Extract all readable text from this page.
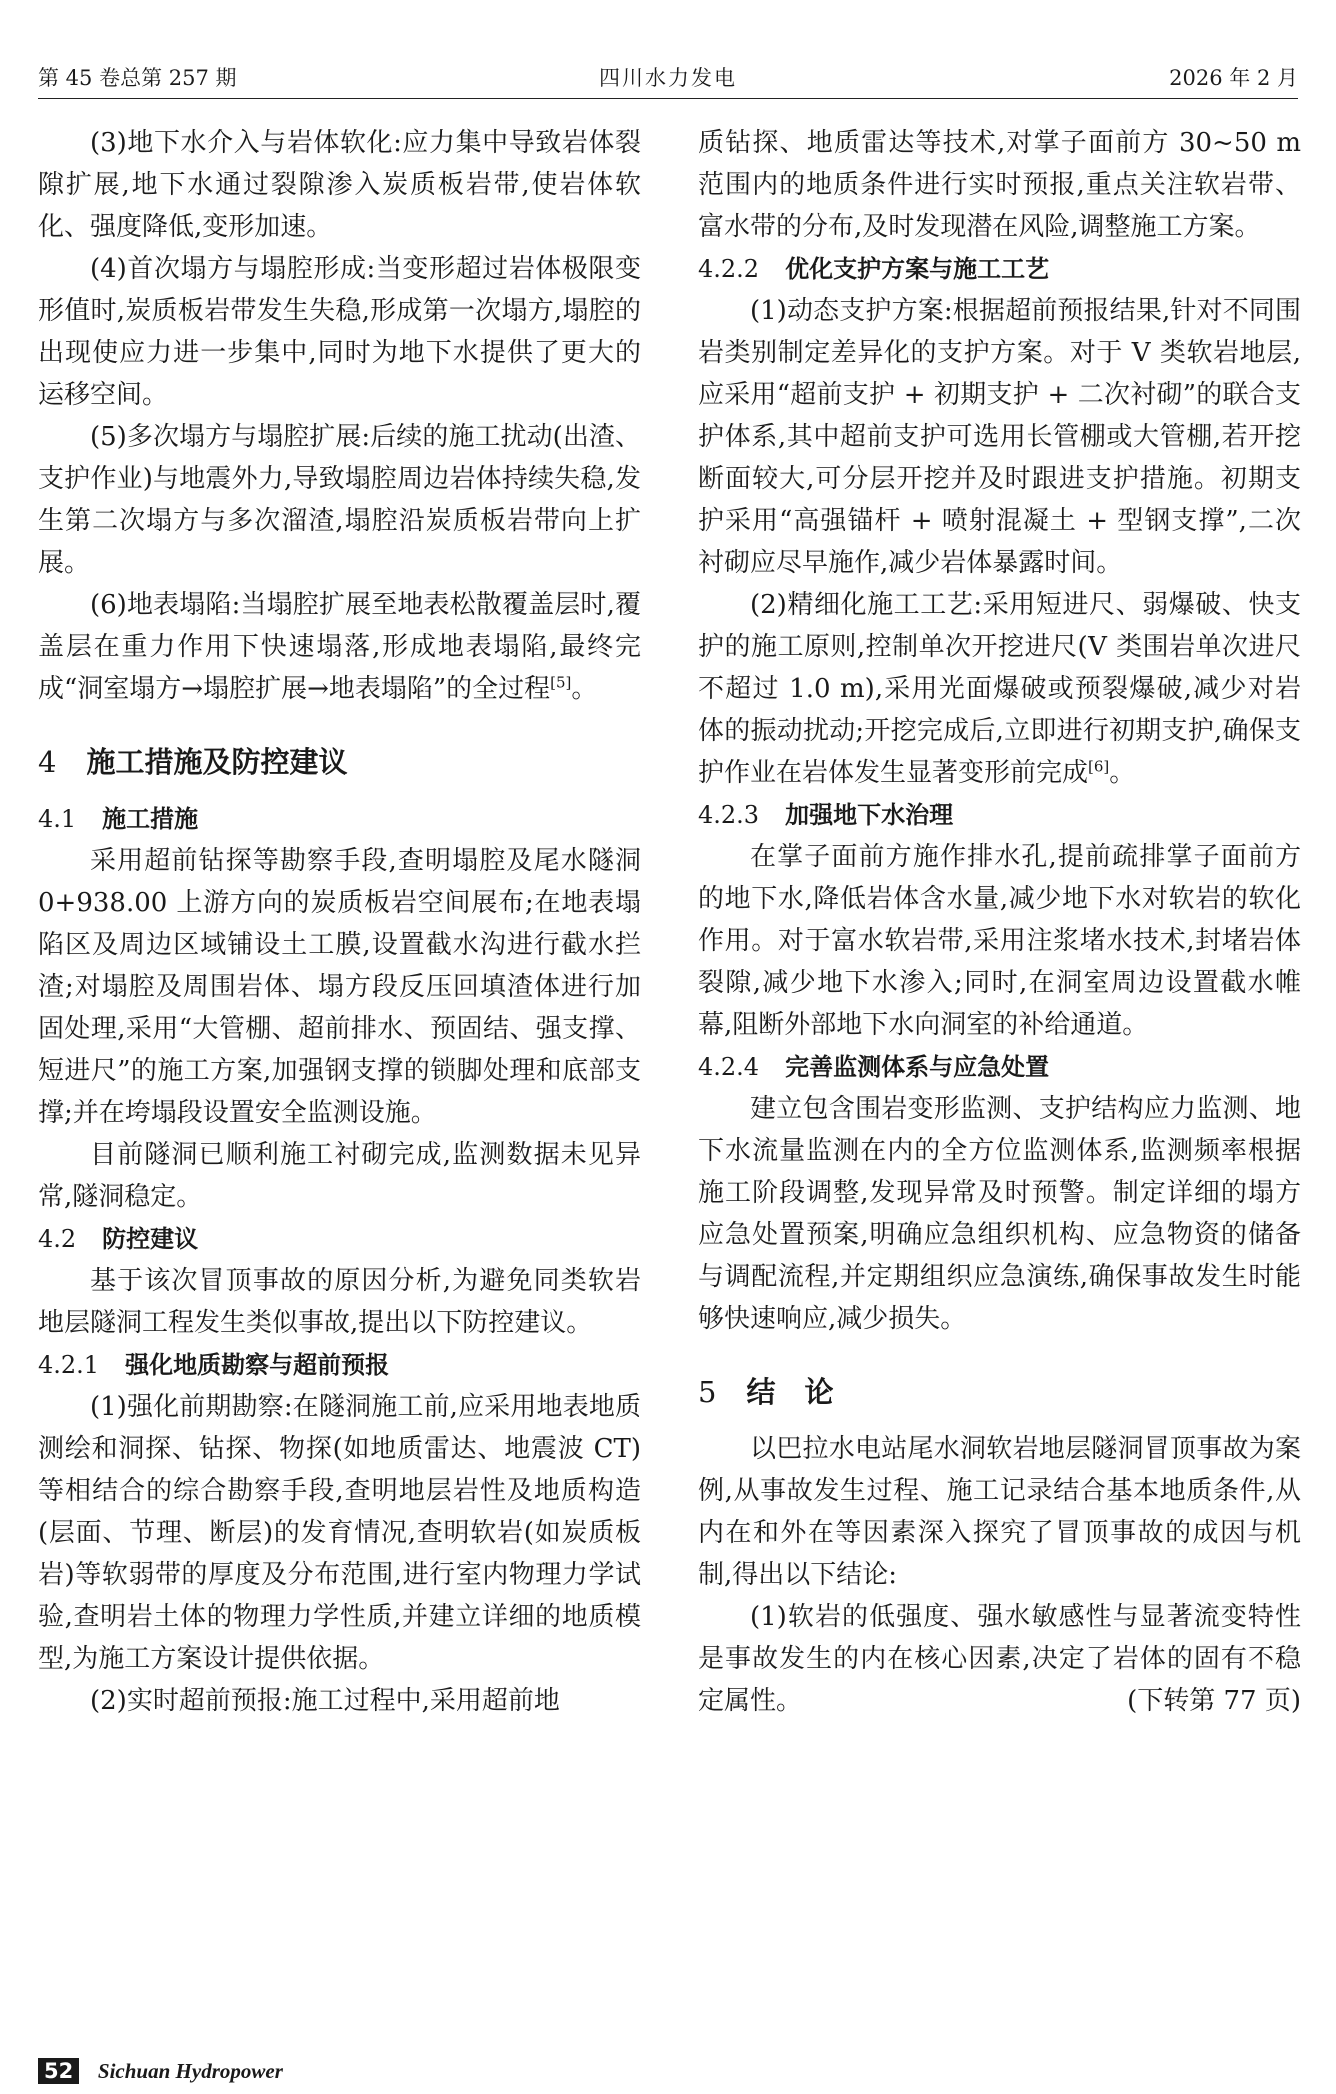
第 45 卷总第 257 期	四川水力发电	2026 年 2 月

(3)地下水介入与岩体软化:应力集中导致岩体裂隙扩展,地下水通过裂隙渗入炭质板岩带,使岩体软化、强度降低,变形加速。

(4)首次塌方与塌腔形成:当变形超过岩体极限变形值时,炭质板岩带发生失稳,形成第一次塌方,塌腔的出现使应力进一步集中,同时为地下水提供了更大的运移空间。

(5)多次塌方与塌腔扩展:后续的施工扰动(出渣、支护作业)与地震外力,导致塌腔周边岩体持续失稳,发生第二次塌方与多次溜渣,塌腔沿炭质板岩带向上扩展。

(6)地表塌陷:当塌腔扩展至地表松散覆盖层时,覆盖层在重力作用下快速塌落,形成地表塌陷,最终完成“洞室塌方→塌腔扩展→地表塌陷”的全过程[5]。

4 施工措施及防控建议
4.1 施工措施

采用超前钻探等勘察手段,查明塌腔及尾水隧洞 0+938.00 上游方向的炭质板岩空间展布;在地表塌陷区及周边区域铺设土工膜,设置截水沟进行截水拦渣;对塌腔及周围岩体、塌方段反压回填渣体进行加固处理,采用“大管棚、超前排水、预固结、强支撑、短进尺”的施工方案,加强钢支撑的锁脚处理和底部支撑;并在垮塌段设置安全监测设施。

目前隧洞已顺利施工衬砌完成,监测数据未见异常,隧洞稳定。

4.2 防控建议

基于该次冒顶事故的原因分析,为避免同类软岩地层隧洞工程发生类似事故,提出以下防控建议。

4.2.1 强化地质勘察与超前预报

(1)强化前期勘察:在隧洞施工前,应采用地表地质测绘和洞探、钻探、物探(如地质雷达、地震波 CT)等相结合的综合勘察手段,查明地层岩性及地质构造(层面、节理、断层)的发育情况,查明软岩(如炭质板岩)等软弱带的厚度及分布范围,进行室内物理力学试验,查明岩土体的物理力学性质,并建立详细的地质模型,为施工方案设计提供依据。

(2)实时超前预报:施工过程中,采用超前地

质钻探、地质雷达等技术,对掌子面前方 30~50 m 范围内的地质条件进行实时预报,重点关注软岩带、富水带的分布,及时发现潜在风险,调整施工方案。

4.2.2 优化支护方案与施工工艺

(1)动态支护方案:根据超前预报结果,针对不同围岩类别制定差异化的支护方案。对于 Ⅴ 类软岩地层,应采用“超前支护 + 初期支护 + 二次衬砌”的联合支护体系,其中超前支护可选用长管棚或大管棚,若开挖断面较大,可分层开挖并及时跟进支护措施。初期支护采用“高强锚杆 + 喷射混凝土 + 型钢支撑”,二次衬砌应尽早施作,减少岩体暴露时间。

(2)精细化施工工艺:采用短进尺、弱爆破、快支护的施工原则,控制单次开挖进尺(Ⅴ 类围岩单次进尺不超过 1.0 m),采用光面爆破或预裂爆破,减少对岩体的振动扰动;开挖完成后,立即进行初期支护,确保支护作业在岩体发生显著变形前完成[6]。

4.2.3 加强地下水治理

在掌子面前方施作排水孔,提前疏排掌子面前方的地下水,降低岩体含水量,减少地下水对软岩的软化作用。对于富水软岩带,采用注浆堵水技术,封堵岩体裂隙,减少地下水渗入;同时,在洞室周边设置截水帷幕,阻断外部地下水向洞室的补给通道。

4.2.4 完善监测体系与应急处置

建立包含围岩变形监测、支护结构应力监测、地下水流量监测在内的全方位监测体系,监测频率根据施工阶段调整,发现异常及时预警。制定详细的塌方应急处置预案,明确应急组织机构、应急物资的储备与调配流程,并定期组织应急演练,确保事故发生时能够快速响应,减少损失。

5 结　论

以巴拉水电站尾水洞软岩地层隧洞冒顶事故为案例,从事故发生过程、施工记录结合基本地质条件,从内在和外在等因素深入探究了冒顶事故的成因与机制,得出以下结论:

(1)软岩的低强度、强水敏感性与显著流变特性是事故发生的内在核心因素,决定了岩体的固有不稳定属性。	(下转第 77 页)

52 Sichuan Hydropower
